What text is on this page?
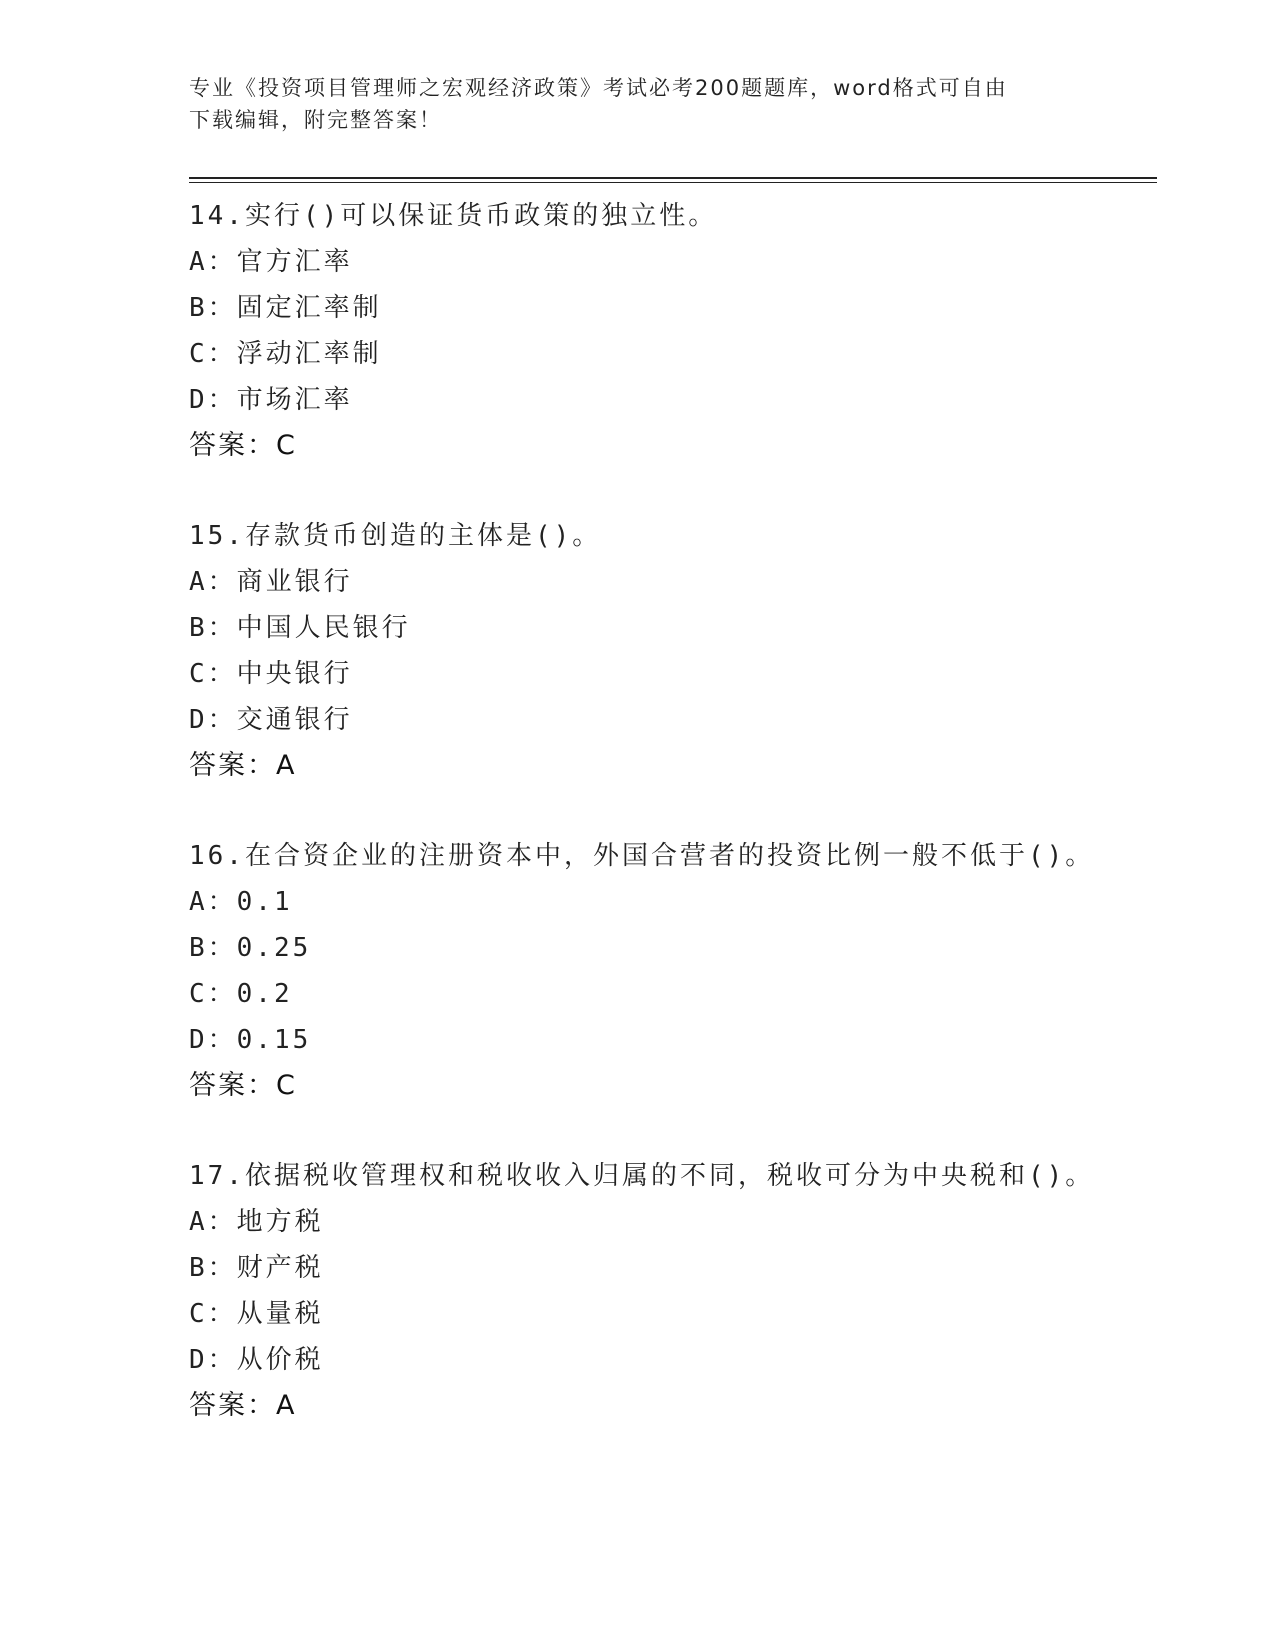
专业《投资项目管理师之宏观经济政策》考试必考200题题库，word格式可自由
下载编辑，附完整答案！
14.实行()可以保证货币政策的独立性。
A：官方汇率
B：固定汇率制
C：浮动汇率制
D：市场汇率
答案：C
15.存款货币创造的主体是()。
A：商业银行
B：中国人民银行
C：中央银行
D：交通银行
答案：A
16.在合资企业的注册资本中，外国合营者的投资比例一般不低于()。
A：0.1
B：0.25
C：0.2
D：0.15
答案：C
17.依据税收管理权和税收收入归属的不同，税收可分为中央税和()。
A：地方税
B：财产税
C：从量税
D：从价税
答案：A
